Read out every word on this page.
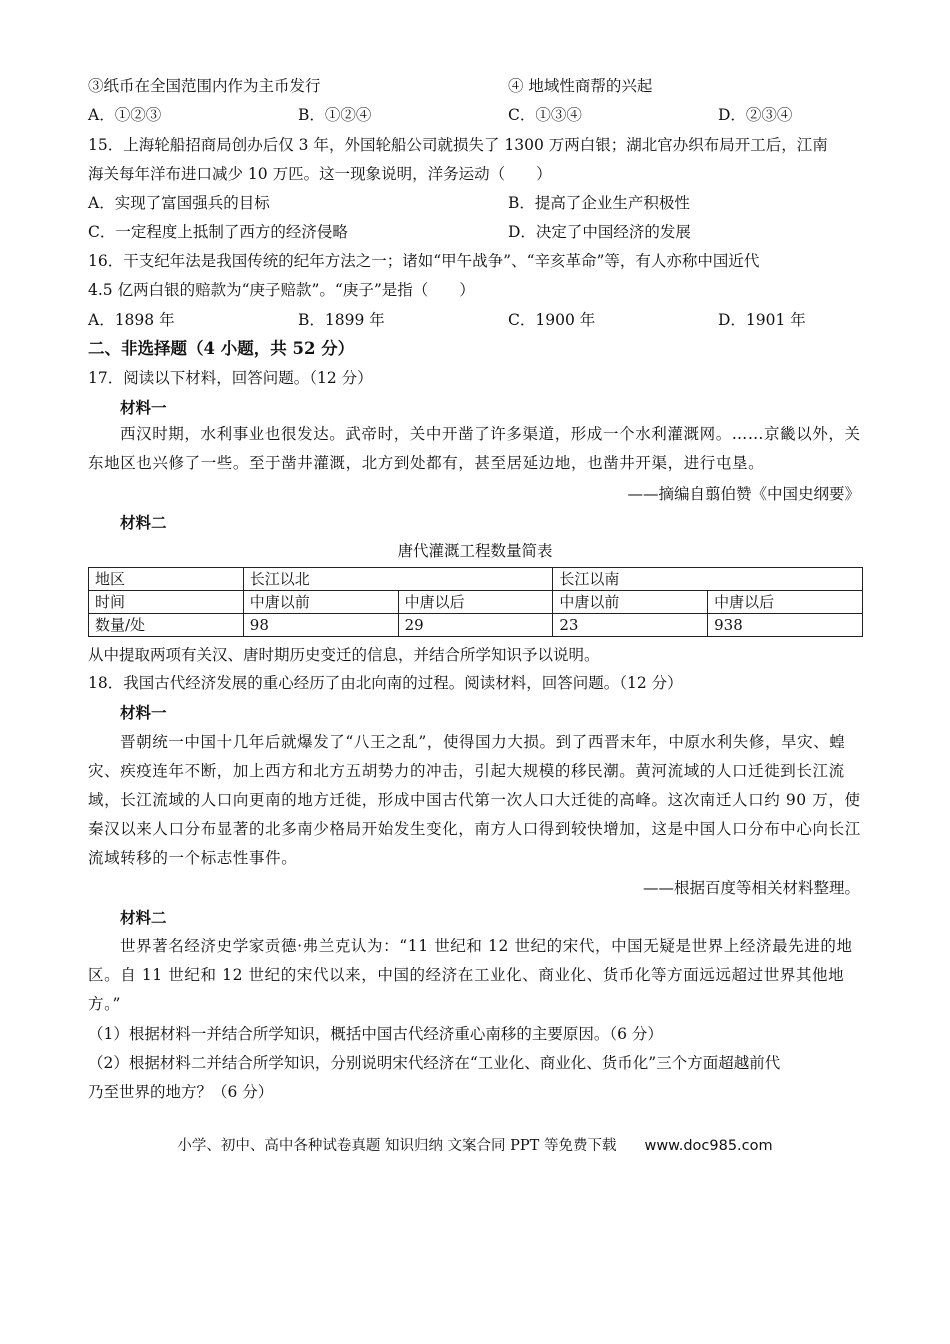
③纸币在全国范围内作为主币发行	④ 地域性商帮的兴起
A．①②③	B．①②④	C．①③④	D．②③④
15．上海轮船招商局创办后仅 3 年，外国轮船公司就损失了 1300 万两白银；湖北官办织布局开工后，江南
海关每年洋布进口减少 10 万匹。这一现象说明，洋务运动（　　）
A．实现了富国强兵的目标	B．提高了企业生产积极性
C．一定程度上抵制了西方的经济侵略	D．决定了中国经济的发展
16．干支纪年法是我国传统的纪年方法之一；诸如“甲午战争”、“辛亥革命”等，有人亦称中国近代
4.5 亿两白银的赔款为“庚子赔款”。“庚子”是指（　　）
A．1898 年	B．1899 年	C．1900 年	D．1901 年
二、非选择题（4 小题，共 52 分）
17．阅读以下材料，回答问题。（12 分）
材料一

西汉时期，水利事业也很发达。武帝时，关中开凿了许多渠道，形成一个水利灌溉网。……京畿以外，关东地区也兴修了一些。至于凿井灌溉，北方到处都有，甚至居延边地，也凿井开渠，进行屯垦。

——摘编自翦伯赞《中国史纲要》
材料二
唐代灌溉工程数量简表
地区	长江以北		长江以南	
时间	中唐以前	中唐以后	中唐以前	中唐以后
数量/处	98	29	23	938
从中提取两项有关汉、唐时期历史变迁的信息，并结合所学知识予以说明。
18．我国古代经济发展的重心经历了由北向南的过程。阅读材料，回答问题。（12 分）
材料一

晋朝统一中国十几年后就爆发了“八王之乱”，使得国力大损。到了西晋末年，中原水利失修，旱灾、蝗灾、疾疫连年不断，加上西方和北方五胡势力的冲击，引起大规模的移民潮。黄河流域的人口迁徙到长江流域，长江流域的人口向更南的地方迁徙，形成中国古代第一次人口大迁徙的高峰。这次南迁人口约 90 万，使秦汉以来人口分布显著的北多南少格局开始发生变化，南方人口得到较快增加，这是中国人口分布中心向长江流域转移的一个标志性事件。

——根据百度等相关材料整理。
材料二

世界著名经济史学家贡德·弗兰克认为：“11 世纪和 12 世纪的宋代，中国无疑是世界上经济最先进的地区。自 11 世纪和 12 世纪的宋代以来，中国的经济在工业化、商业化、货币化等方面远远超过世界其他地方。”

（1）根据材料一并结合所学知识，概括中国古代经济重心南移的主要原因。（6 分）
（2）根据材料二并结合所学知识，分别说明宋代经济在“工业化、商业化、货币化”三个方面超越前代
乃至世界的地方？（6 分）
小学、初中、高中各种试卷真题 知识归纳 文案合同 PPT 等免费下载 www.doc985.com
